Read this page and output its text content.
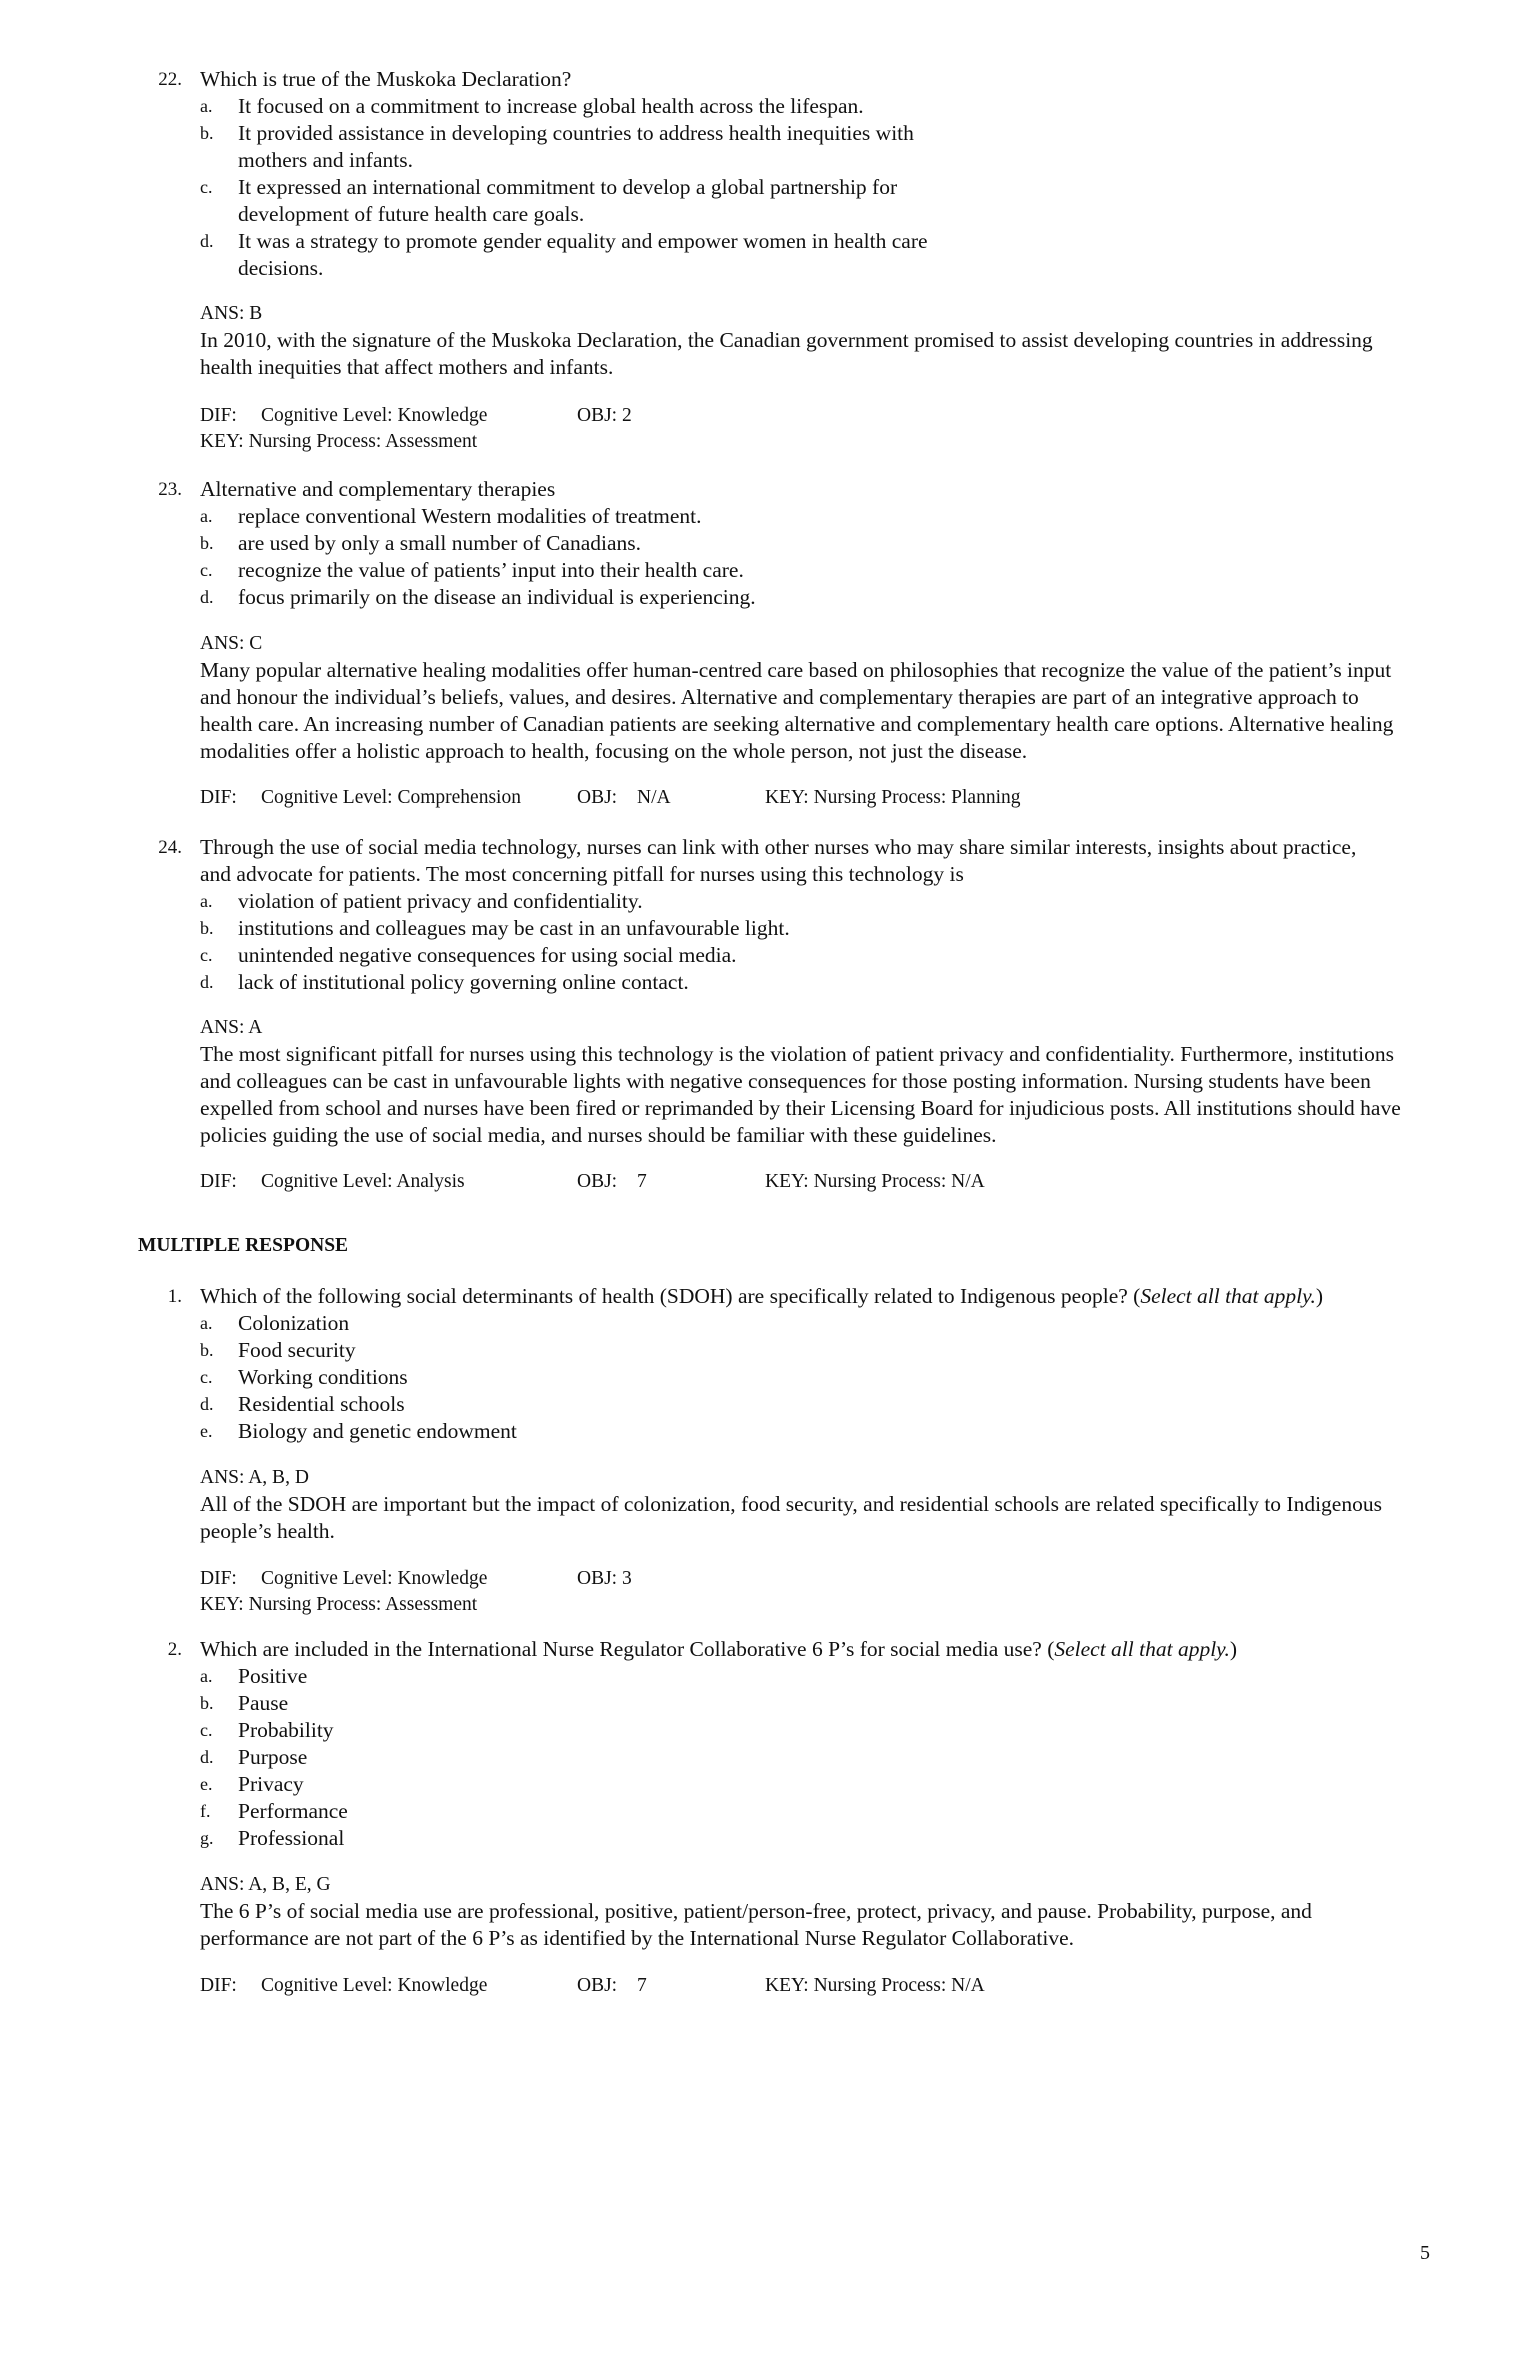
22. Which is true of the Muskoka Declaration?
a. It focused on a commitment to increase global health across the lifespan.
b. It provided assistance in developing countries to address health inequities with mothers and infants.
c. It expressed an international commitment to develop a global partnership for development of future health care goals.
d. It was a strategy to promote gender equality and empower women in health care decisions.
ANS: B
In 2010, with the signature of the Muskoka Declaration, the Canadian government promised to assist developing countries in addressing health inequities that affect mothers and infants.
DIF: Cognitive Level: Knowledge	OBJ: 2
KEY: Nursing Process: Assessment
23. Alternative and complementary therapies
a. replace conventional Western modalities of treatment.
b. are used by only a small number of Canadians.
c. recognize the value of patients’ input into their health care.
d. focus primarily on the disease an individual is experiencing.
ANS: C
Many popular alternative healing modalities offer human-centred care based on philosophies that recognize the value of the patient’s input and honour the individual’s beliefs, values, and desires. Alternative and complementary therapies are part of an integrative approach to health care. An increasing number of Canadian patients are seeking alternative and complementary health care options. Alternative healing modalities offer a holistic approach to health, focusing on the whole person, not just the disease.
DIF: Cognitive Level: Comprehension	OBJ: N/A	KEY: Nursing Process: Planning
24. Through the use of social media technology, nurses can link with other nurses who may share similar interests, insights about practice, and advocate for patients. The most concerning pitfall for nurses using this technology is
a. violation of patient privacy and confidentiality.
b. institutions and colleagues may be cast in an unfavourable light.
c. unintended negative consequences for using social media.
d. lack of institutional policy governing online contact.
ANS: A
The most significant pitfall for nurses using this technology is the violation of patient privacy and confidentiality. Furthermore, institutions and colleagues can be cast in unfavourable lights with negative consequences for those posting information. Nursing students have been expelled from school and nurses have been fired or reprimanded by their Licensing Board for injudicious posts. All institutions should have policies guiding the use of social media, and nurses should be familiar with these guidelines.
DIF: Cognitive Level: Analysis	OBJ: 7	KEY: Nursing Process: N/A
MULTIPLE RESPONSE
1. Which of the following social determinants of health (SDOH) are specifically related to Indigenous people? (Select all that apply.)
a. Colonization
b. Food security
c. Working conditions
d. Residential schools
e. Biology and genetic endowment
ANS: A, B, D
All of the SDOH are important but the impact of colonization, food security, and residential schools are related specifically to Indigenous people’s health.
DIF: Cognitive Level: Knowledge	OBJ: 3
KEY: Nursing Process: Assessment
2. Which are included in the International Nurse Regulator Collaborative 6 P’s for social media use? (Select all that apply.)
a. Positive
b. Pause
c. Probability
d. Purpose
e. Privacy
f. Performance
g. Professional
ANS: A, B, E, G
The 6 P’s of social media use are professional, positive, patient/person-free, protect, privacy, and pause. Probability, purpose, and performance are not part of the 6 P’s as identified by the International Nurse Regulator Collaborative.
DIF: Cognitive Level: Knowledge	OBJ: 7	KEY: Nursing Process: N/A
5
